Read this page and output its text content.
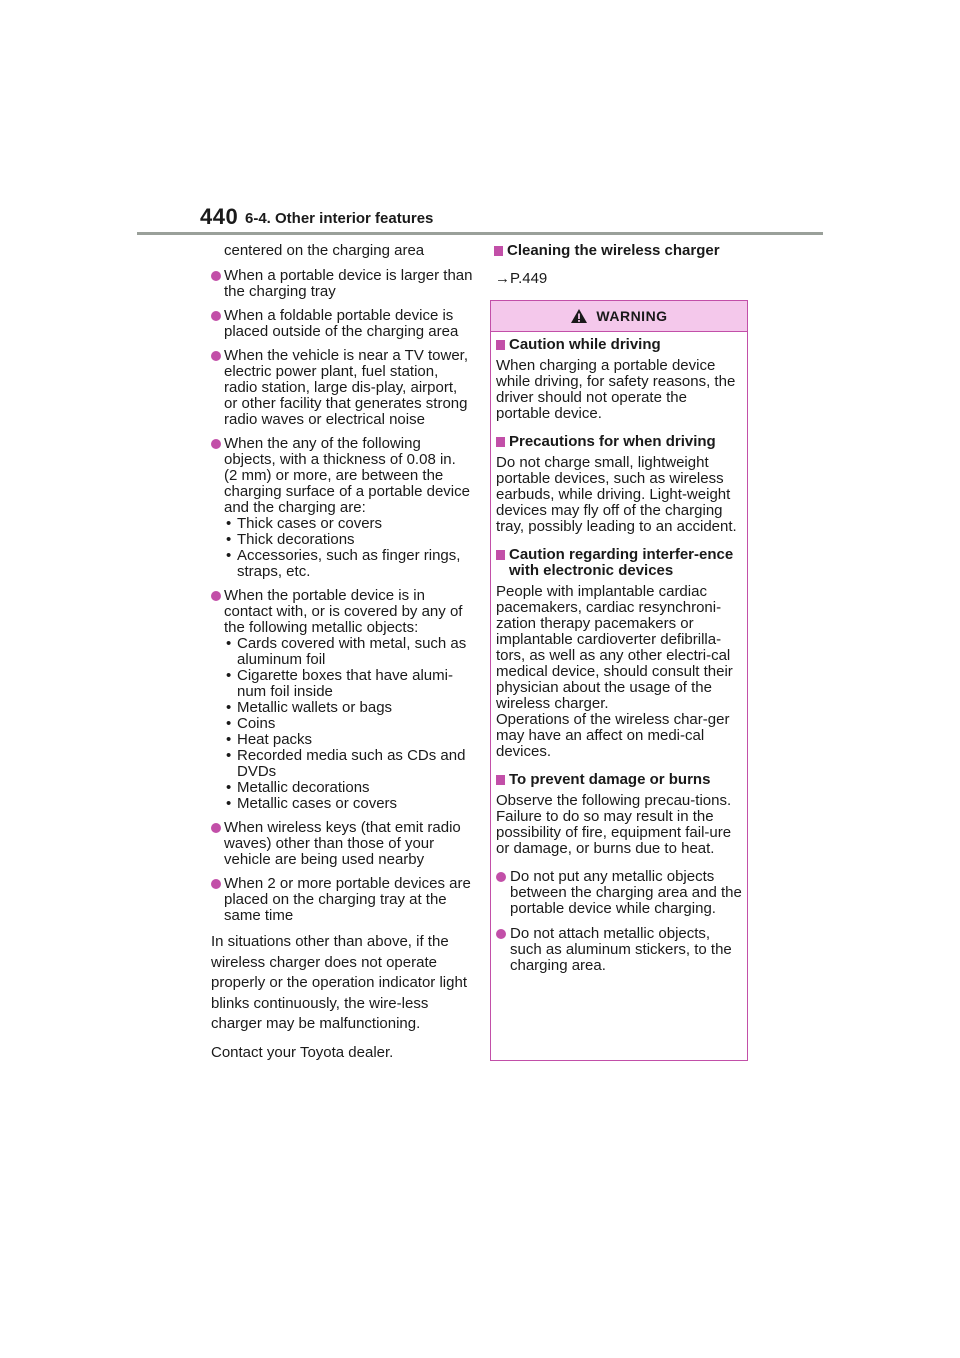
440 6-4. Other interior features
centered on the charging area
When a portable device is larger than the charging tray
When a foldable portable device is placed outside of the charging area
When the vehicle is near a TV tower, electric power plant, fuel station, radio station, large dis-play, airport, or other facility that generates strong radio waves or electrical noise
When the any of the following objects, with a thickness of 0.08 in. (2 mm) or more, are between the charging surface of a portable device and the charging are:
• Thick cases or covers
• Thick decorations
• Accessories, such as finger rings, straps, etc.
When the portable device is in contact with, or is covered by any of the following metallic objects:
• Cards covered with metal, such as aluminum foil
• Cigarette boxes that have alumi-num foil inside
• Metallic wallets or bags
• Coins
• Heat packs
• Recorded media such as CDs and DVDs
• Metallic decorations
• Metallic cases or covers
When wireless keys (that emit radio waves) other than those of your vehicle are being used nearby
When 2 or more portable devices are placed on the charging tray at the same time
In situations other than above, if the wireless charger does not operate properly or the operation indicator light blinks continuously, the wire-less charger may be malfunctioning.
Contact your Toyota dealer.
Cleaning the wireless charger
→P.449
WARNING
Caution while driving
When charging a portable device while driving, for safety reasons, the driver should not operate the portable device.
Precautions for when driving
Do not charge small, lightweight portable devices, such as wireless earbuds, while driving. Light-weight devices may fly off of the charging tray, possibly leading to an accident.
Caution regarding interfer-ence with electronic devices
People with implantable cardiac pacemakers, cardiac resynchroni-zation therapy pacemakers or implantable cardioverter defibrilla-tors, as well as any other electri-cal medical device, should consult their physician about the usage of the wireless charger.
Operations of the wireless char-ger may have an affect on medi-cal devices.
To prevent damage or burns
Observe the following precau-tions.
Failure to do so may result in the possibility of fire, equipment fail-ure or damage, or burns due to heat.
Do not put any metallic objects between the charging area and the portable device while charging.
Do not attach metallic objects, such as aluminum stickers, to the charging area.
